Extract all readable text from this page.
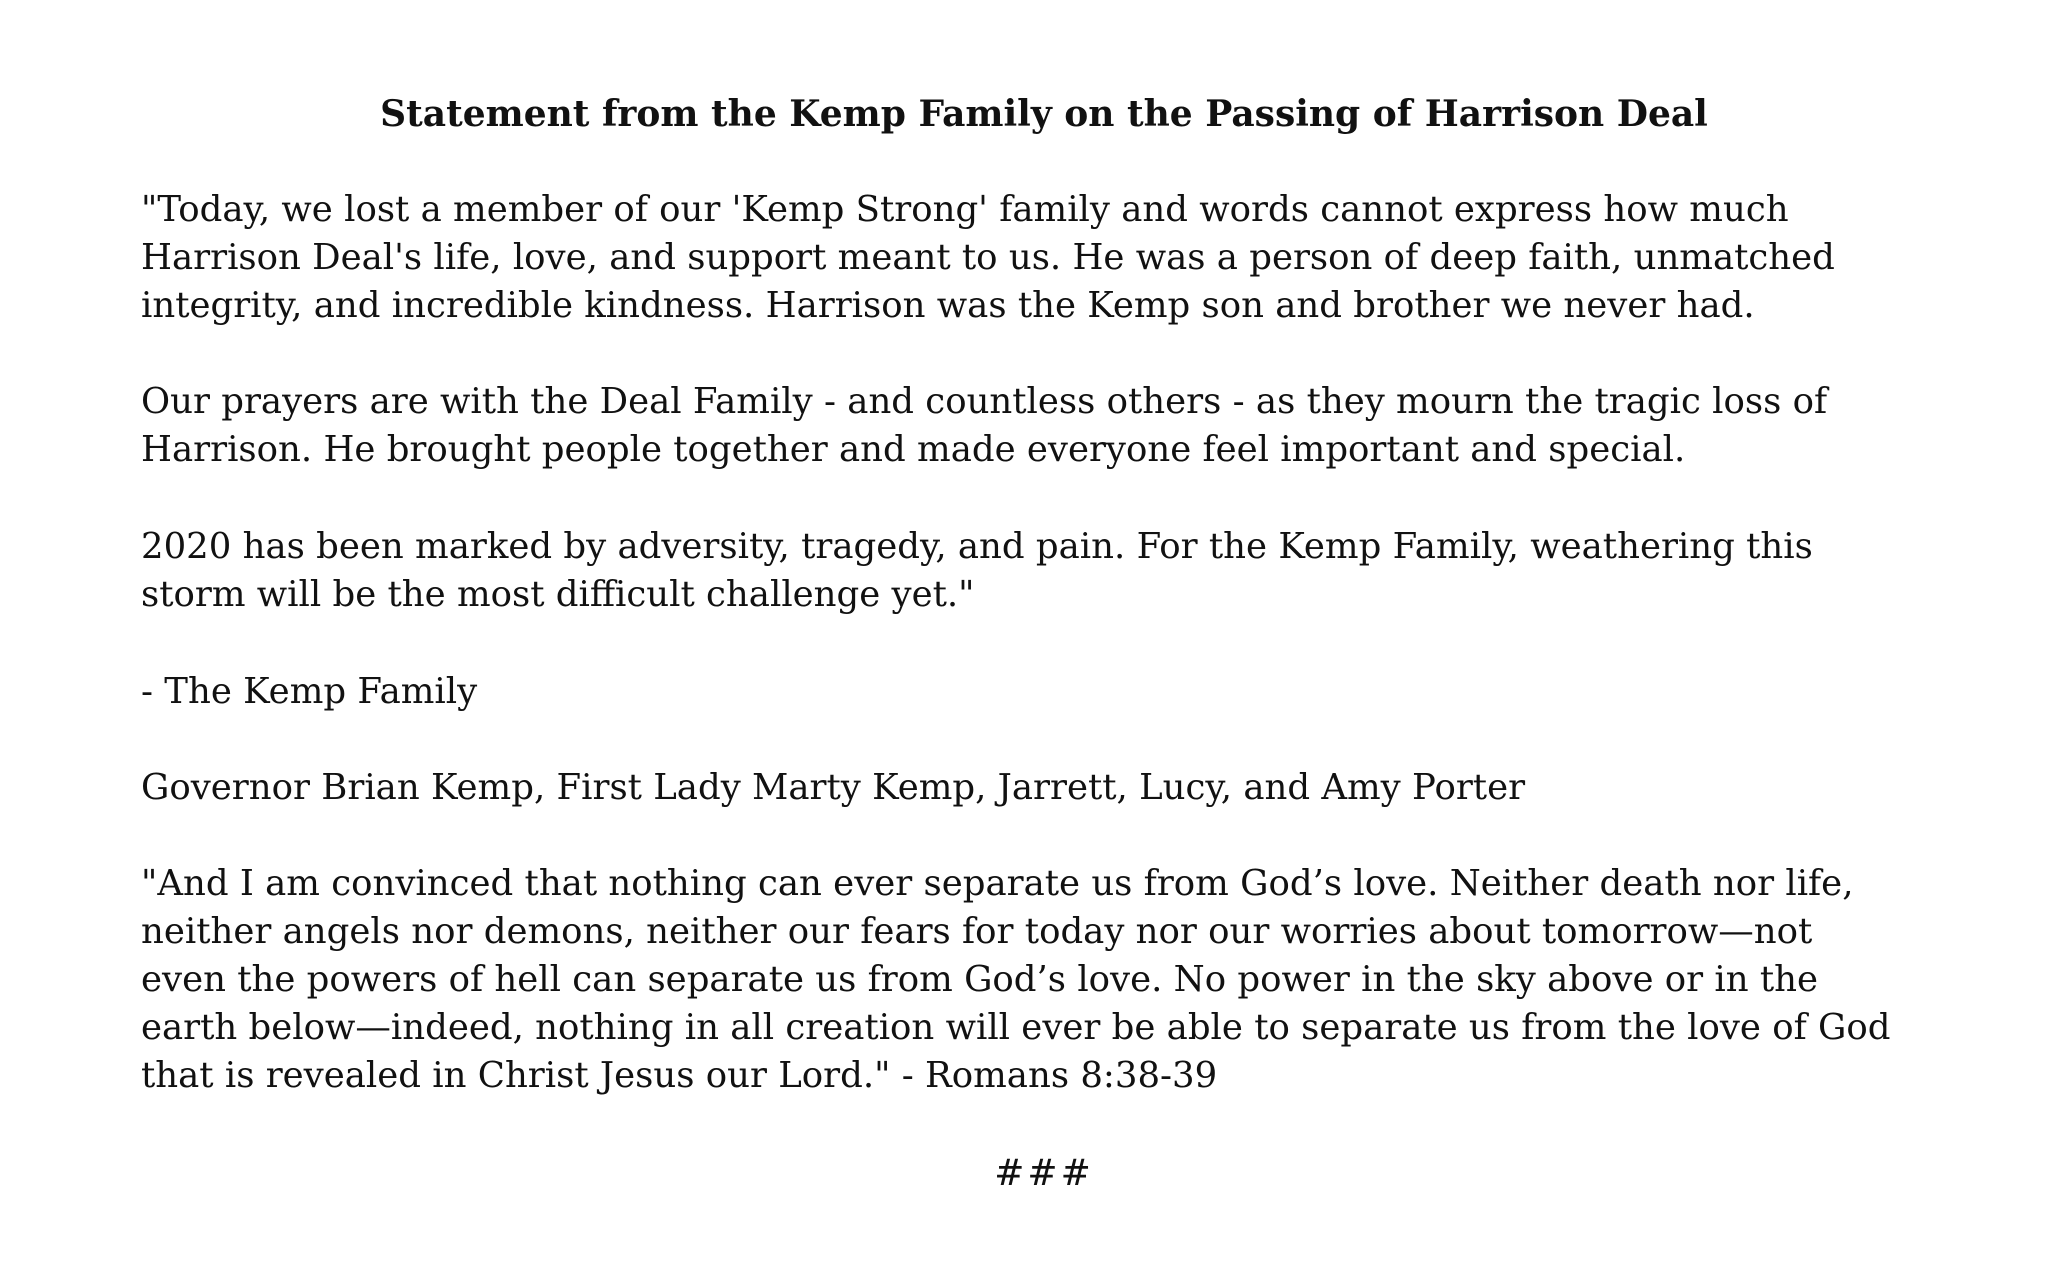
Statement from the Kemp Family on the Passing of Harrison Deal

"Today, we lost a member of our 'Kemp Strong' family and words cannot express how much
Harrison Deal's life, love, and support meant to us. He was a person of deep faith, unmatched
integrity, and incredible kindness. Harrison was the Kemp son and brother we never had.

Our prayers are with the Deal Family - and countless others - as they mourn the tragic loss of
Harrison. He brought people together and made everyone feel important and special.

2020 has been marked by adversity, tragedy, and pain. For the Kemp Family, weathering this
storm will be the most difficult challenge yet."

- The Kemp Family

Governor Brian Kemp, First Lady Marty Kemp, Jarrett, Lucy, and Amy Porter

"And I am convinced that nothing can ever separate us from God’s love. Neither death nor life,
neither angels nor demons, neither our fears for today nor our worries about tomorrow—not
even the powers of hell can separate us from God’s love. No power in the sky above or in the
earth below—indeed, nothing in all creation will ever be able to separate us from the love of God
that is revealed in Christ Jesus our Lord." - Romans 8:38-39

###
